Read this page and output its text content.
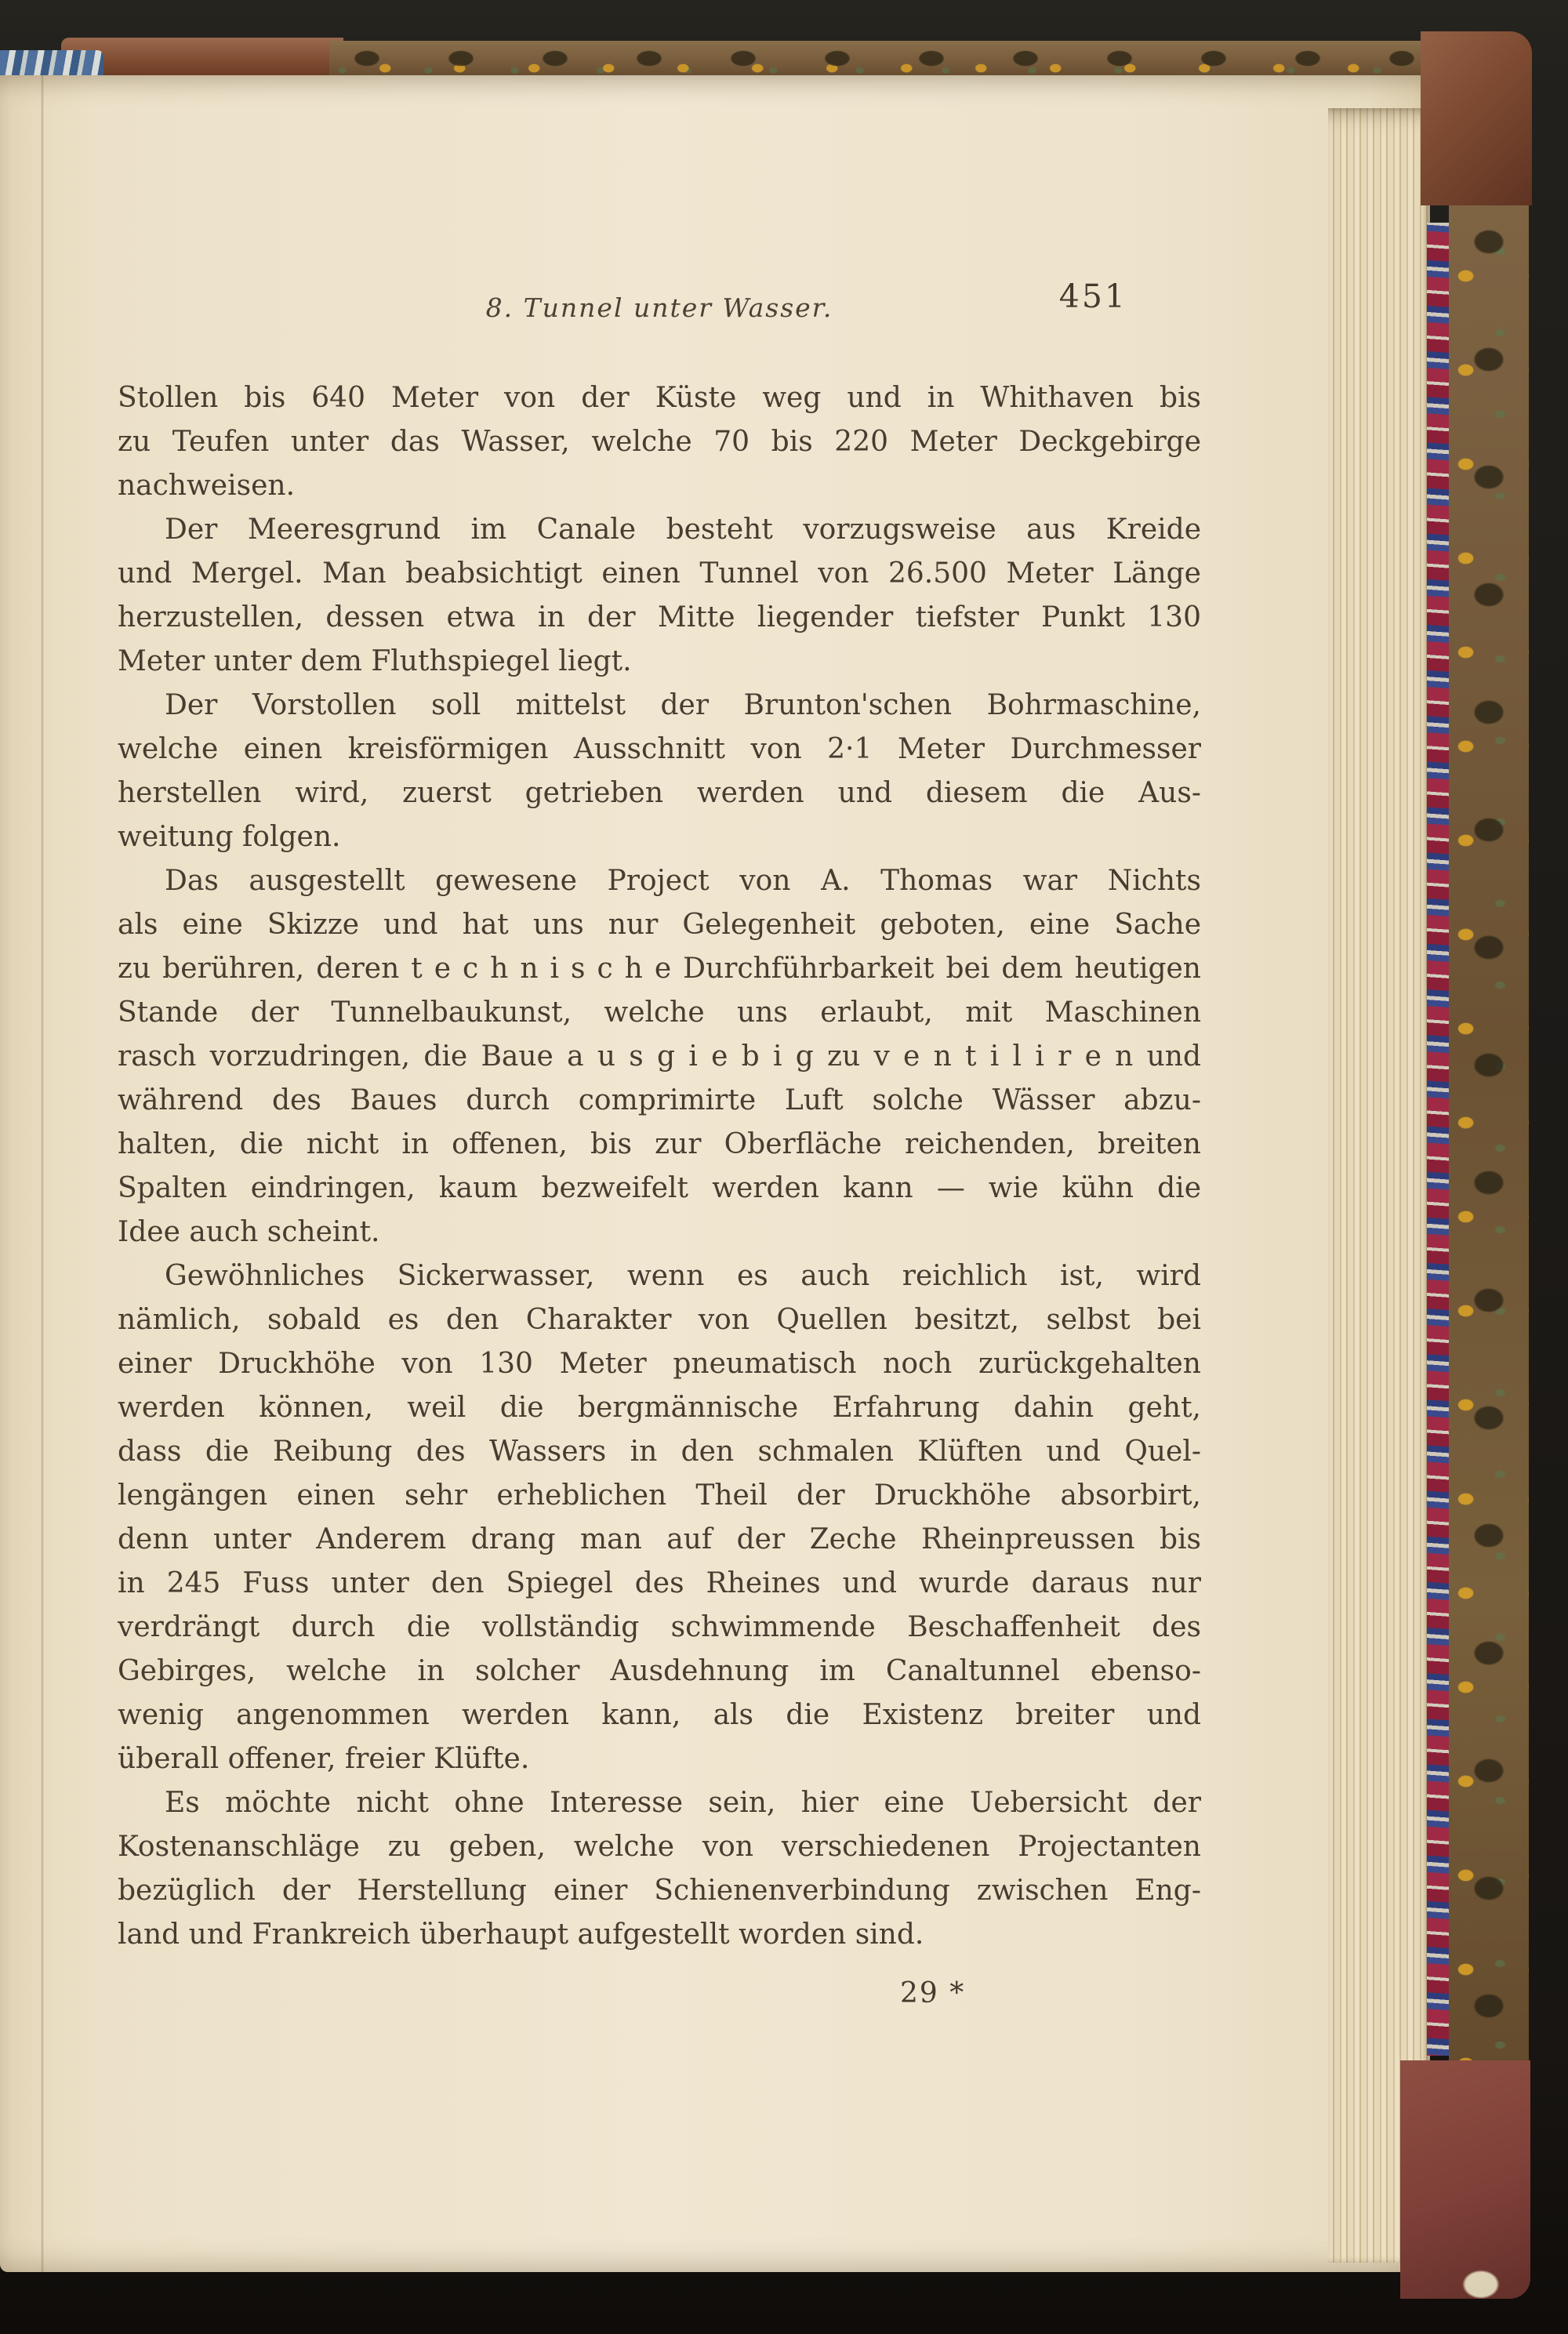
8. Tunnel unter Wasser.	451
Stollen bis 640 Meter von der Küste weg und in Whithaven bis
zu Teufen unter das Wasser, welche 70 bis 220 Meter Deckgebirge
nachweisen.
Der Meeresgrund im Canale besteht vorzugsweise aus Kreide
und Mergel. Man beabsichtigt einen Tunnel von 26.500 Meter Länge
herzustellen, dessen etwa in der Mitte liegender tiefster Punkt 130
Meter unter dem Fluthspiegel liegt.
Der Vorstollen soll mittelst der Brunton'schen Bohrmaschine,
welche einen kreisförmigen Ausschnitt von 2·1 Meter Durchmesser
herstellen wird, zuerst getrieben werden und diesem die Aus-
weitung folgen.
Das ausgestellt gewesene Project von A. Thomas war Nichts
als eine Skizze und hat uns nur Gelegenheit geboten, eine Sache
zu berühren, deren t e c h n i s c h e Durchführbarkeit bei dem heutigen
Stande der Tunnelbaukunst, welche uns erlaubt, mit Maschinen
rasch vorzudringen, die Baue a u s g i e b i g zu v e n t i l i r e n und
während des Baues durch comprimirte Luft solche Wässer abzu-
halten, die nicht in offenen, bis zur Oberfläche reichenden, breiten
Spalten eindringen, kaum bezweifelt werden kann — wie kühn die
Idee auch scheint.
Gewöhnliches Sickerwasser, wenn es auch reichlich ist, wird
nämlich, sobald es den Charakter von Quellen besitzt, selbst bei
einer Druckhöhe von 130 Meter pneumatisch noch zurückgehalten
werden können, weil die bergmännische Erfahrung dahin geht,
dass die Reibung des Wassers in den schmalen Klüften und Quel-
lengängen einen sehr erheblichen Theil der Druckhöhe absorbirt,
denn unter Anderem drang man auf der Zeche Rheinpreussen bis
in 245 Fuss unter den Spiegel des Rheines und wurde daraus nur
verdrängt durch die vollständig schwimmende Beschaffenheit des
Gebirges, welche in solcher Ausdehnung im Canaltunnel ebenso-
wenig angenommen werden kann, als die Existenz breiter und
überall offener, freier Klüfte.
Es möchte nicht ohne Interesse sein, hier eine Uebersicht der
Kostenanschläge zu geben, welche von verschiedenen Projectanten
bezüglich der Herstellung einer Schienenverbindung zwischen Eng-
land und Frankreich überhaupt aufgestellt worden sind.
29 *
